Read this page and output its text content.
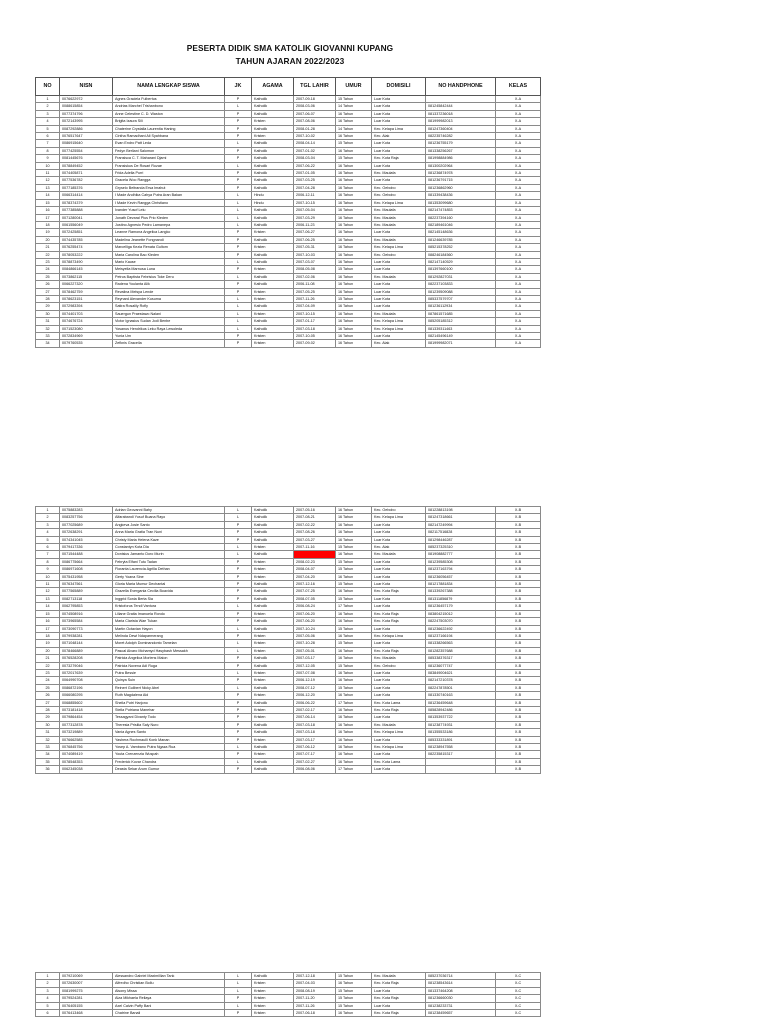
PESERTA DIDIK SMA KATOLIK GIOVANNI KUPANG
TAHUN AJARAN 2022/2023
NO	NISN	NAMA LENGKAP SISWA	JK	AGAMA	TGL LAHIR	UMUR	DOMISILI	NO HANDPHONE	KELAS
1	0076622972	Agnes Graciela Fulbertus	P	Katholik	2007-09-18	15 Tahun	Luar Kota		X-A
2	0088615854	Andrias Marchel Trishanbono	L	Katholik	2008-03-06	14 Tahun	Luar Kota	081245842444	X-A
3	0077374796	Anne Celestine C. D. Waston	P	Katholik	2007-06-07	16 Tahun	Luar Kota	081337236018	X-A
4	0072143995	Brigita Izaura Sili	P	Kristen	2007-08-06	16 Tahun	Luar Kota	081999982013	X-A
5	0087292886	Chaterine Crystalla Laurentia Haning	P	Katholik	2008-01-28	14 Tahun	Kec. Kelapa Lima	081247360404	X-A
6	0076517647	Cintha Ramadhani Ali Syahbana	P	Kristen	2007-10-02	16 Tahun	Kec. Alak	082235746282	X-A
7	0086915640	Evan Endro Patt Leda	L	Katholik	2008-04-14	15 Tahun	Luar Kota	081236755179	X-A
8	0077425554	Fedyn Berliani Salomon	P	Katholik	2007-01-02	16 Tahun	Luar Kota	081338256267	X-A
9	0081445676	Fransisca C. T. Maharani Djami	P	Katholik	2008-03-04	15 Tahun	Kec. Kota Raja	081998884986	X-A
10	0078849452	Fransiskus De Rosari Rozae	L	Katholik	2007-06-22	16 Tahun	Luar Kota	081300202964	X-A
11	0074405871	Frida Adella Purri	P	Katholik	2007-01-05	16 Tahun	Kec. Maulafa	081236874978	X-A
12	0077536782	Gracela Woo Rangga	P	Katholik	2007-03-25	16 Tahun	Luar Kota	081236791715	X-A
13	0077185376	Gryselo Beltranda Ersa Imahut	P	Katholik	2007-04-28	16 Tahun	Kec. Oebobo	081236862960	X-A
14	0066314414	I Made Andhika Cahya Putra Aran Bakan	L	Hindu	2006-12-11	16 Tahun	Kec. Oebobo	081339438436	X-A
15	0078374379	I Made Kevin Rangga Christiano	L	Hindu	2007-10-15	16 Tahun	Kec. Kelapa Lima	081353099680	X-A
16	0077385888	Ivander Yusof Lelu	L	Katholik	2007-05-04	16 Tahun	Kec. Maulafa	082147474853	X-A
17	0071280041	Jonath Devaral Pius Prio Kleden	L	Katholik	2007-03-29	16 Tahun	Kec. Maulafa	082237394160	X-A
18	0061556049	Justino Agnesio Pedro Lamanepa	L	Katholik	2006-11-23	16 Tahun	Kec. Maulafa	082189461046	X-A
19	0072425851	Leanne Ramona Angelica Langko	P	Kristen	2007-06-27	16 Tahun	Luar Kota	082145148636	X-A
20	0074435785	Madelina Jeanette Fongnandi	P	Katholik	2007-06-25	16 Tahun	Kec. Maulafa	081246639785	X-A
21	0076255474	Marcelliga Kezia Renata Gultom	P	Kristen	2007-05-31	16 Tahun	Kec. Kelapa Lima	085215378252	X-A
22	0078053222	Maria Carolina Bao Kleden	P	Katholik	2007-10-03	16 Tahun	Kec. Oebobo	088246184560	X-A
23	0078873490	Mario Kause	L	Katholik	2007-03-07	16 Tahun	Luar Kota	082147140529	X-A
24	0084866145	Meisyella Marnusa Luna	P	Kristen	2008-05-08	15 Tahun	Luar Kota	081397660100	X-A
25	0073862115	Petrus Baptista Febrisius Toke Deru	L	Katholik	2007-02-06	16 Tahun	Kec. Maulafa	081292827031	X-A
26	0066227320	Radena Youlanta Alik	P	Katholik	2006-11-08	16 Tahun	Luar Kota	082237103833	X-A
27	0078462759	Revalina Melsya Lende	P	Kristen	2007-05-25	16 Tahun	Luar Kota	081239509088	X-A
28	0078623151	Reynard Alexander Kusuma	L	Kristen	2007-11-26	15 Tahun	Luar Kota	085337579707	X-A
29	0072983394	Satira Rosalily Rofly	L	Katholik	2007-04-09	16 Tahun	Luar Kota	081236112934	X-A
30	0074401703	Sauergun Praestawo Nalani	L	Kristen	2007-10-15	16 Tahun	Kec. Maulafa	087861571685	X-A
31	0074676724	Victor Ignasius Sudan Jodi Benbe	L	Katholik	2007-01-17	16 Tahun	Kec. Kelapa Lima	085205185312	X-A
32	0071523080	Yosanus Hendrikus Leku Raya Lewoleda	L	Katholik	2007-03-18	16 Tahun	Kec. Kelapa Lima	081339311463	X-A
33	0072834969	Yunia Um	P	Kristen	2007-10-05	16 Tahun	Luar Kota	082145496149	X-A
34	0079760535	Zefknis Graceila	P	Kristen	2007-09-02	16 Tahun	Kec. Alak	081999982071	X-A
1	0075883283	Adrian Geovanni Bahy	L	Katholik	2007-05-16	16 Tahun	Kec. Oebobo	081228813198	X-B
2	0083257756	Alfarabandi Yusuf Buana Rayo	L	Katholik	2007-08-21	16 Tahun	Kec. Kelapa Lima	081247318661	X-B
3	0077025689	Angkeva Josie Santo	P	Katholik	2007-02-22	16 Tahun	Luar Kota	082147249994	X-B
4	0072638291	Anna Maria Gratia Tran Nuni	P	Katholik	2007-08-26	16 Tahun	Luar Kota	082117516828	X-B
5	0074341045	Christy Maria Helena Kaze	P	Katholik	2007-03-27	16 Tahun	Luar Kota	081298446287	X-B
6	0079417336	Constantyn Kota Dia	L	Kristen	2007-11-16	15 Tahun	Kec. Alak	085237325310	X-B
7	0071544488	Donisius Jamanto Doro Murin	L	Katholik		16 Tahun	Kec. Maulafa	081908882777	X-B
8	0086775664	Febryta Elfani Tutu Tadan	P	Kristen	2008-02-23	15 Tahun	Luar Kota	081239585308	X-B
9	0086971608	Floranta Laurencia Agrilla Dethan	P	Kristen	2008-04-07	15 Tahun	Luar Kota	081237163794	X-B
10	0075431958	Gerty Yoana Sine	P	Kristen	2007-04-20	16 Tahun	Luar Kota	081236056457	X-B
11	0076347561	Gloria Maria Mumur Dechantal	P	Katholik	2007-12-16	15 Tahun	Luar Kota	081217881834	X-B
12	0077565889	Grazella Evergania Cecilia Boavida	P	Katholik	2007-07-25	16 Tahun	Kec. Kota Raja	081339267388	X-B
13	0082713118	Inggrid Sonia Berta Sia	P	Katholik	2008-07-05	15 Tahun	Luar Kota	081311856879	X-B
14	0062795853	Kristoforus Tendi Vantura	L	Katholik	2006-08-24	17 Tahun	Luar Kota	081236457179	X-B
15	0074508916	Liliane Gratia Imanuela Rondo	P	Kristen	2007-06-20	16 Tahun	Kec. Kota Raja	083804215012	X-B
16	0073965584	Maria Clarista Wae Tukan	P	Katholik	2007-06-20	16 Tahun	Kec. Kota Raja	082247503070	X-B
17	0073090773	Martin Octavian Hayon	L	Katholik	2007-10-24	15 Tahun	Luar Kota	081236622492	X-B
18	0079938281	Melinda Dewi Ndaparmerang	P	Kristen	2007-05-06	16 Tahun	Kec. Kelapa Lima	081237166194	X-B
19	0071048144	Moret Adolph Dominandonto Tamelan	L	Kristen	2007-10-28	15 Tahun	Luar Kota	081338266563	X-B
20	0078466889	Pascal Alvaro Mohamyd Hasybash Messakh	L	Kristen	2007-05-01	16 Tahun	Kec. Kota Raja	081282357688	X-B
21	0076528208	Patricia Angelica Morlens Maion	P	Katholik	2007-03-17	16 Tahun	Kec. Maulafa	085338376317	X-B
22	0073279046	Patricia Novena Adi Ruga	P	Katholik	2007-12-05	15 Tahun	Kec. Oebobo	081236077747	X-B
23	0072017639	Putra Bessie	L	Kristen	2007-07-08	16 Tahun	Luar Kota	083849004621	X-B
24	0064990708	Quinya Suin	P	Kristen	2006-12-19	16 Tahun	Luar Kota	082147210378	X-B
25	0086872196	Reinert Gulibert Nicky Abel	L	Katholik	2008-07-12	15 Tahun	Luar Kota	082247878501	X-B
26	0066080295	Ruth Magdalena Aid	P	Kristen	2006-12-20	16 Tahun	Luar Kota	081330740163	X-B
27	0068855602	Sheila Putri Harjono	P	Katholik	2006-06-22	17 Tahun	Kec. Kota Lama	081236459648	X-B
28	0073181418	Stella Putriana Manehar	P	Kristen	2007-02-17	16 Tahun	Kec. Kota Raja	085828942486	X-B
29	0079864454	Tessagyani Divanty Todo	P	Kristen	2007-06-14	16 Tahun	Luar Kota	081353937722	X-B
30	0077312878	Theresia Prisilia Saly Nuro	P	Katholik	2007-03-18	16 Tahun	Kec. Maulafa	081238774931	X-B
31	0073219889	Vania Agnes Santo	P	Katholik	2007-03-18	16 Tahun	Kec. Kelapa Lima	081355533186	X-B
32	0076662585	Yashera Rochmaulli Konk Manan	P	Kristen	2007-03-17	16 Tahun	Luar Kota	085333331891	X-B
33	0076845756	Yosep A. Vambano Putra Ngaza Rua	L	Katholik	2007-06-12	16 Tahun	Kec. Kelapa Lima	081238947558	X-B
34	0074089419	Youta Crenzenzia Wuspah	P	Kristen	2007-07-17	16 Tahun	Luar Kota	082235815317	X-B
35	0078548353	Frederick Kovar Chandra	L	Katholik	2007-02-27	16 Tahun	Kec. Kota Lama		X-B
36	0062345038	Deasta Sekar Arum Gumur	P	Katholik	2006-08-06	17 Tahun	Luar Kota		X-B
1	0079210069	Alessandro Gabriel Maximillian Tank	L	Katholik	2007-12-18	15 Tahun	Kec. Maulafa	085237036714	X-C
2	0072630007	Alfredho Christian Bollu	L	Kristen	2007-04-03	16 Tahun	Kec. Kota Raja	081238543614	X-C
3	0081999275	Alsony Missa	L	Kristen	2008-08-19	15 Tahun	Luar Kota	081337464208	X-C
4	0079524281	Alza Mikhaela Rellaya	P	Kristen	2007-11-20	15 Tahun	Kec. Kota Raja	081236660030	X-C
5	0076405155	Axel Calvin Paffy Bani	L	Kristen	2007-11-26	15 Tahun	Luar Kota	081238233731	X-C
6	0076413468	Chatrine Banali	P	Kristen	2007-06-18	16 Tahun	Kec. Kota Raja	081238459657	X-C
